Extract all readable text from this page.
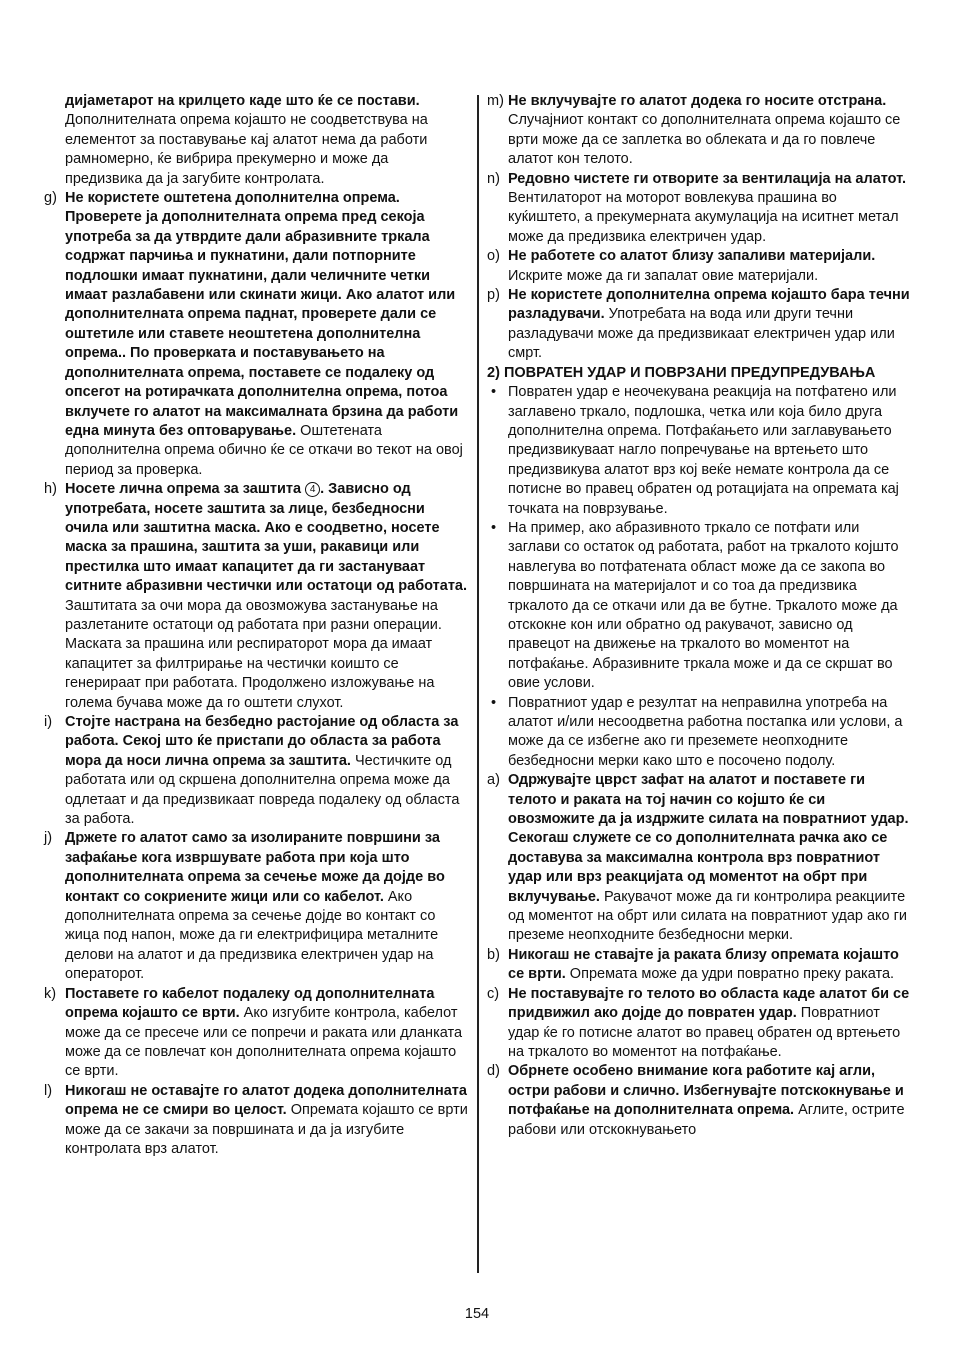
дијаметарот на крилцето каде што ќе се постави. Дополнителната опрема којашто не соодветствува на елементот за поставување кај алатот нема да работи рамномерно, ќе вибрира прекумерно и може да предизвика да ја загубите контролата.
g) Не користете оштетена дополнителна опрема. Проверете ја дополнителната опрема пред секоја употреба за да утврдите дали абразивните тркала содржат парчиња и пукнатини, дали потпорните подлошки имаат пукнатини, дали челичните четки имаат разлабавени или скинати жици. Ако алатот или дополнителната опрема паднат, проверете дали се оштетиле или ставете неоштетена дополнителна опрема.. По проверката и поставувањето на дополнителната опрема, поставете се подалеку од опсегот на ротирачката дополнителна опрема, потоа вклучете го алатот на максималната брзина да работи една минута без оптоварување. Оштетената дополнителна опрема обично ќе се откачи во текот на овој период за проверка.
h) Носете лична опрема за заштита 4 . Зависно од употребата, носете заштита за лице, безбедносни очила или заштитна маска. Ако е соодветно, носете маска за прашина, заштита за уши, ракавици или престилка што имаат капацитет да ги застануваат ситните абразивни честички или остатоци од работата. Заштитата за очи мора да овозможува застанување на разлетаните остатоци од работата при разни операции. Маската за прашина или респираторот мора да имаат капацитет за филтрирање на честички коишто се генерираат при работата. Продолжено изложување на голема бучава може да го оштети слухот.
i) Стојте настрана на безбедно растојание од областа за работа. Секој што ќе пристапи до областа за работа мора да носи лична опрема за заштита. Честичките од работата или од скршена дополнителна опрема може да одлетаат и да предизвикаат повреда подалеку од областа за работа.
j) Држете го алатот само за изолираните површини за зафаќање кога извршувате работа при која што дополнителната опрема за сечење може да дојде во контакт со сокриените жици или со кабелот. Ако дополнителната опрема за сечење дојде во контакт со жица под напон, може да ги електрифицира металните делови на алатот и да предизвика електричен удар на операторот.
k) Поставете го кабелот подалеку од дополнителната опрема којашто се врти. Ако изгубите контрола, кабелот може да се пресече или се попречи и раката или дланката може да се повлечат кон дополнителната опрема којашто се врти.
l) Никогаш не оставајте го алатот додека дополнителната опрема не се смири во целост. Опремата којашто се врти може да се закачи за површината и да ја изгубите контролата врз алатот.
m) Не вклучувајте го алатот додека го носите отстрана. Случајниот контакт со дополнителната опрема којашто се врти може да се заплетка во облеката и да го повлече алатот кон телото.
n) Редовно чистете ги отворите за вентилација на алатот. Вентилаторот на моторот вовлекува прашина во куќиштето, а прекумерната акумулација на иситнет метал може да предизвика електричен удар.
o) Не работете со алатот близу запаливи материјали. Искрите може да ги запалат овие материјали.
p) Не користете дополнителна опрема којашто бара течни разладувачи. Употребата на вода или други течни разладувачи може да предизвикаат електричен удар или смрт.
2) ПОВРАТЕН УДАР И ПОВРЗАНИ ПРЕДУПРЕДУВАЊА
• Повратен удар е неочекувана реакција на потфатено или заглавено тркало, подлошка, четка или која било друга дополнителна опрема. Потфаќањето или заглавувањето предизвикуваат нагло попречување на вртењето што предизвикува алатот врз кој веќе немате контрола да се потисне во правец обратен од ротацијата на опремата кај точката на поврзување.
• На пример, ако абразивното тркало се потфати или заглави со остаток од работата, работ на тркалото којшто навлегува во потфатената област може да се закопа во површината на материјалот и со тоа да предизвика тркалото да се откачи или да ве бутне. Тркалото може да отскокне кон или обратно од ракувачот, зависно од правецот на движење на тркалото во моментот на потфаќање. Абразивните тркала може и да се скршат во овие услови.
• Повратниот удар е резултат на неправилна употреба на алатот и/или несоодветна работна постапка или услови, а може да се избегне ако ги преземете неопходните безбедносни мерки како што е посочено подолу.
a) Одржувајте цврст зафат на алатот и поставете ги телото и раката на тој начин со којшто ќе си овозможите да ја издржите силата на повратниот удар. Секогаш служете се со дополнителната рачка ако се доставува за максимална контрола врз повратниот удар или врз реакцијата од моментот на обрт при вклучување. Ракувачот може да ги контролира реакциите од моментот на обрт или силата на повратниот удар ако ги преземе неопходните безбедносни мерки.
b) Никогаш не ставајте ја раката близу опремата којашто се врти. Опремата може да удри повратно преку раката.
c) Не поставувајте го телото во областа каде алатот би се придвижил ако дојде до повратен удар. Повратниот удар ќе го потисне алатот во правец обратен од вртењето на тркалото во моментот на потфаќање.
d) Обрнете особено внимание кога работите кај агли, остри рабови и слично. Избегнувајте потскокнување и потфаќање на дополнителната опрема. Аглите, острите рабови или отскокнувањето
154
